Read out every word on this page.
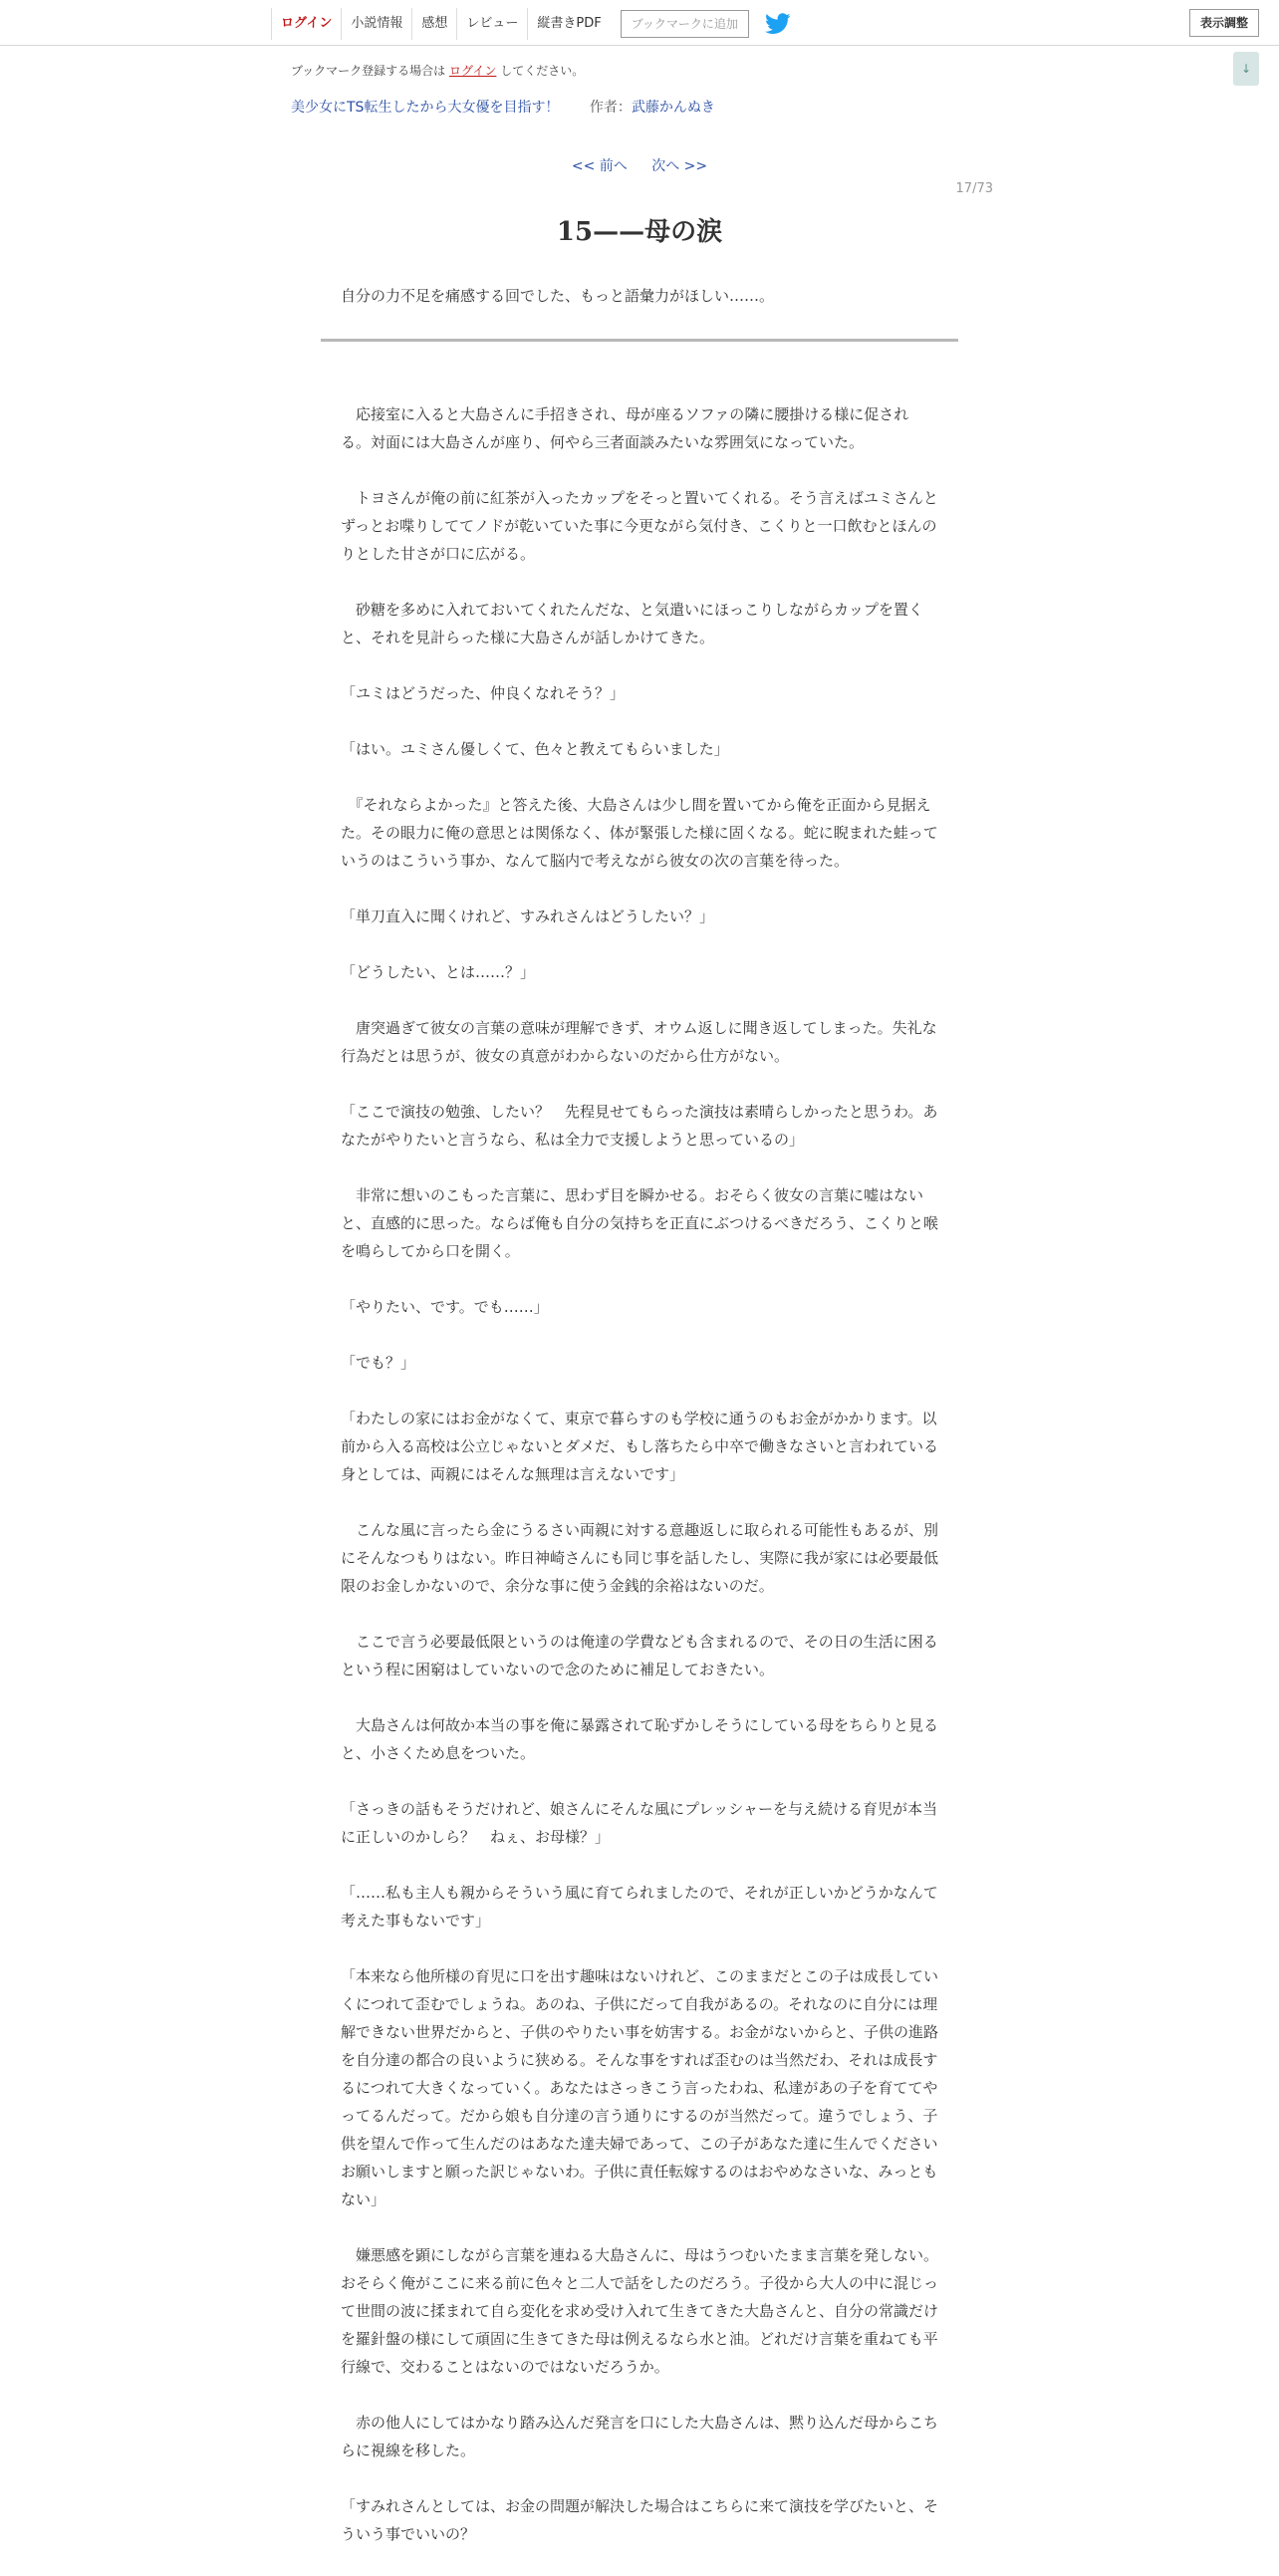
ログイン	小説情報	感想	レビュー	縦書きPDF	ブックマークに追加	表示調整
↓
ブックマーク登録する場合は ログイン してください。
美少女にTS転生したから大女優を目指す！ 作者：武藤かんぬき
<< 前へ 次へ >>
17/73
15——母の涙
自分の力不足を痛感する回でした、もっと語彙力がほしい……。

　応接室に入ると大島さんに手招きされ、母が座るソファの隣に腰掛ける様に促される。対面には大島さんが座り、何やら三者面談みたいな雰囲気になっていた。

　トヨさんが俺の前に紅茶が入ったカップをそっと置いてくれる。そう言えばユミさんとずっとお喋りしててノドが乾いていた事に今更ながら気付き、こくりと一口飲むとほんのりとした甘さが口に広がる。

　砂糖を多めに入れておいてくれたんだな、と気遣いにほっこりしながらカップを置くと、それを見計らった様に大島さんが話しかけてきた。

「ユミはどうだった、仲良くなれそう？」

「はい。ユミさん優しくて、色々と教えてもらいました」

　『それならよかった』と答えた後、大島さんは少し間を置いてから俺を正面から見据えた。その眼力に俺の意思とは関係なく、体が緊張した様に固くなる。蛇に睨まれた蛙っていうのはこういう事か、なんて脳内で考えながら彼女の次の言葉を待った。

「単刀直入に聞くけれど、すみれさんはどうしたい？」

「どうしたい、とは……？」

　唐突過ぎて彼女の言葉の意味が理解できず、オウム返しに聞き返してしまった。失礼な行為だとは思うが、彼女の真意がわからないのだから仕方がない。

「ここで演技の勉強、したい？　先程見せてもらった演技は素晴らしかったと思うわ。あなたがやりたいと言うなら、私は全力で支援しようと思っているの」

　非常に想いのこもった言葉に、思わず目を瞬かせる。おそらく彼女の言葉に嘘はないと、直感的に思った。ならば俺も自分の気持ちを正直にぶつけるべきだろう、こくりと喉を鳴らしてから口を開く。

「やりたい、です。でも……」

「でも？」

「わたしの家にはお金がなくて、東京で暮らすのも学校に通うのもお金がかかります。以前から入る高校は公立じゃないとダメだ、もし落ちたら中卒で働きなさいと言われている身としては、両親にはそんな無理は言えないです」

　こんな風に言ったら金にうるさい両親に対する意趣返しに取られる可能性もあるが、別にそんなつもりはない。昨日神崎さんにも同じ事を話したし、実際に我が家には必要最低限のお金しかないので、余分な事に使う金銭的余裕はないのだ。

　ここで言う必要最低限というのは俺達の学費なども含まれるので、その日の生活に困るという程に困窮はしていないので念のために補足しておきたい。

　大島さんは何故か本当の事を俺に暴露されて恥ずかしそうにしている母をちらりと見ると、小さくため息をついた。

「さっきの話もそうだけれど、娘さんにそんな風にプレッシャーを与え続ける育児が本当に正しいのかしら？　ねぇ、お母様？」

「……私も主人も親からそういう風に育てられましたので、それが正しいかどうかなんて考えた事もないです」

「本来なら他所様の育児に口を出す趣味はないけれど、このままだとこの子は成長していくにつれて歪むでしょうね。あのね、子供にだって自我があるの。それなのに自分には理解できない世界だからと、子供のやりたい事を妨害する。お金がないからと、子供の進路を自分達の都合の良いように狭める。そんな事をすれば歪むのは当然だわ、それは成長するにつれて大きくなっていく。あなたはさっきこう言ったわね、私達があの子を育ててやってるんだって。だから娘も自分達の言う通りにするのが当然だって。違うでしょう、子供を望んで作って生んだのはあなた達夫婦であって、この子があなた達に生んでくださいお願いしますと願った訳じゃないわ。子供に責任転嫁するのはおやめなさいな、みっともない」

　嫌悪感を顕にしながら言葉を連ねる大島さんに、母はうつむいたまま言葉を発しない。おそらく俺がここに来る前に色々と二人で話をしたのだろう。子役から大人の中に混じって世間の波に揉まれて自ら変化を求め受け入れて生きてきた大島さんと、自分の常識だけを羅針盤の様にして頑固に生きてきた母は例えるなら水と油。どれだけ言葉を重ねても平行線で、交わることはないのではないだろうか。

　赤の他人にしてはかなり踏み込んだ発言を口にした大島さんは、黙り込んだ母からこちらに視線を移した。

「すみれさんとしては、お金の問題が解決した場合はこちらに来て演技を学びたいと、そういう事でいいの？
